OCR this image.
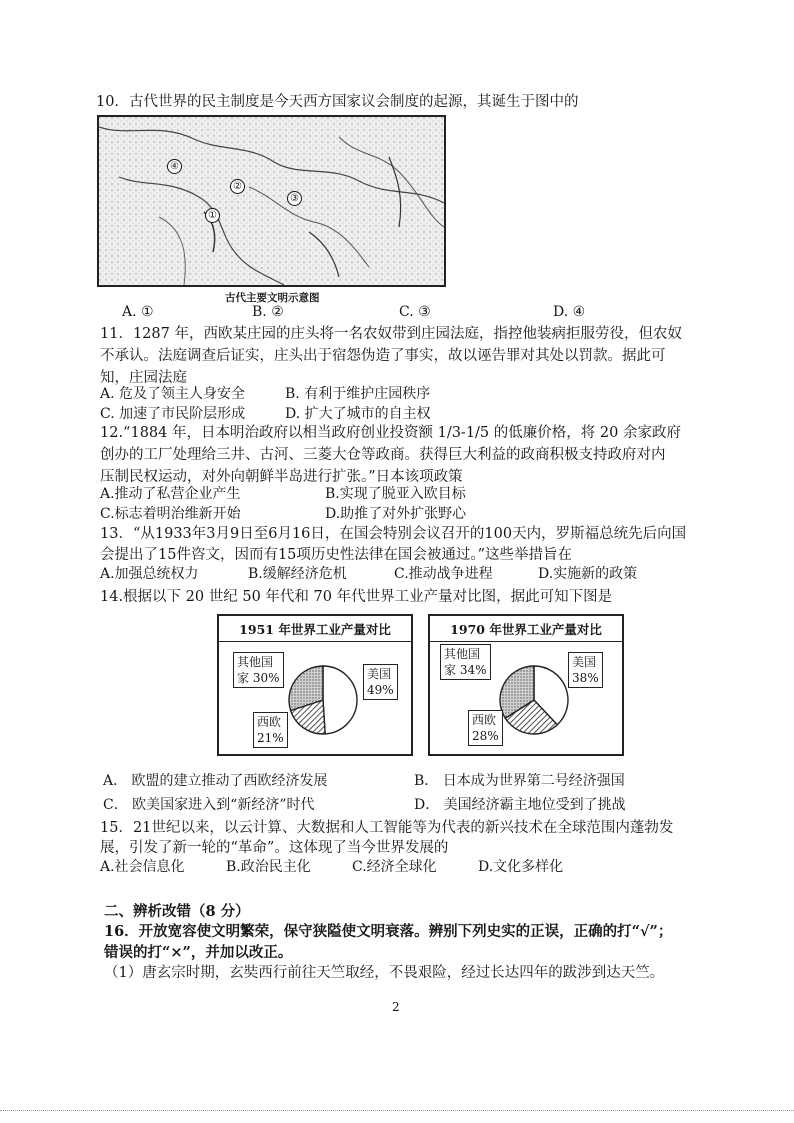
10．古代世界的民主制度是今天西方国家议会制度的起源，其诞生于图中的
④
②
③
①
古代主要文明示意图
A. ①	B. ②	C. ③	D. ④
11．1287 年，西欧某庄园的庄头将一名农奴带到庄园法庭，指控他装病拒服劳役，但农奴
不承认。法庭调查后证实，庄头出于宿怨伪造了事实，故以诬告罪对其处以罚款。据此可
知，庄园法庭
A. 危及了领主人身安全	B. 有利于维护庄园秩序
C. 加速了市民阶层形成	D. 扩大了城市的自主权
12.“1884 年，日本明治政府以相当政府创业投资额 1/3-1/5 的低廉价格，将 20 余家政府
创办的工厂处理给三井、古河、三菱大仓等政商。获得巨大利益的政商积极支持政府对内
压制民权运动，对外向朝鲜半岛进行扩张。”日本该项政策
A.推动了私营企业产生	B.实现了脱亚入欧目标
C.标志着明治维新开始	D.助推了对外扩张野心
13．“从1933年3月9日至6月16日，在国会特别会议召开的100天内，罗斯福总统先后向国
会提出了15件咨文，因而有15项历史性法律在国会被通过。”这些举措旨在
A.加强总统权力	B.缓解经济危机	C.推动战争进程	D.实施新的政策
14.根据以下 20 世纪 50 年代和 70 年代世界工业产量对比图，据此可知下图是
1951 年世界工业产量对比
其他国
家 30%	美国
49%
西欧
21%
1970 年世界工业产量对比
其他国
家 34%
美国
38%
西欧
28%
A． 欧盟的建立推动了西欧经济发展	B． 日本成为世界第二号经济强国
C． 欧美国家进入到“新经济”时代	D． 美国经济霸主地位受到了挑战
15．21世纪以来，以云计算、大数据和人工智能等为代表的新兴技术在全球范围内蓬勃发
展，引发了新一轮的“革命”。这体现了当今世界发展的
A.社会信息化	B.政治民主化	C.经济全球化	D.文化多样化
二、辨析改错（8 分）
16．开放宽容使文明繁荣，保守狭隘使文明衰落。辨别下列史实的正误，正确的打“√”；
错误的打“×”，并加以改正。
（1）唐玄宗时期，玄奘西行前往天竺取经，不畏艰险，经过长达四年的跋涉到达天竺。
2
